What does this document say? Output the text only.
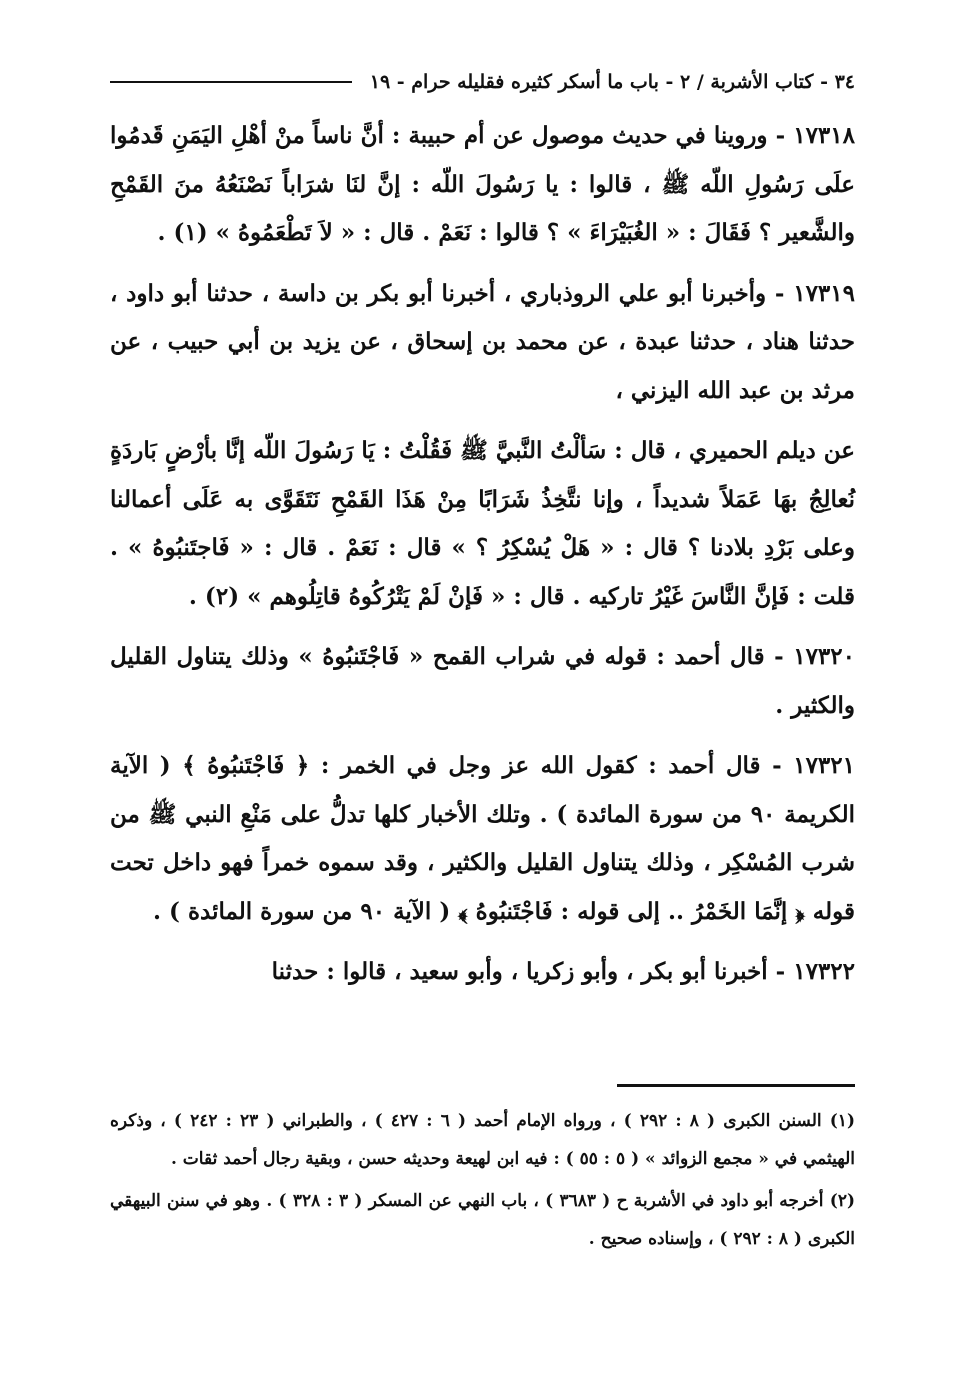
٣٤ - كتاب الأشربة / ٢ - باب ما أسكر كثيره فقليله حرام - ١٩

١٧٣١٨ - وروينا في حديث موصول عن أم حبيبة : أنَّ ناساً منْ أهْلِ اليَمَنِ قَدمُوا علَى رَسُولِ اللّه ﷺ ، قالوا : يا رَسُولَ اللّه : إنَّ لنَا شرَاباً نَصْنَعُهُ منَ القَمْحِ والشَّعير ؟ فَقَالَ : « الغُبَيْرَاءَ » ؟ قالوا : نَعَمْ . قال : « لاَ تَطْعَمُوهُ » (١) .

١٧٣١٩ - وأخبرنا أبو علي الروذباري ، أخبرنا أبو بكر بن داسة ، حدثنا أبو داود ، حدثنا هناد ، حدثنا عبدة ، عن محمد بن إسحاق ، عن يزيد بن أبي حبيب ، عن مرثد بن عبد الله اليزني ،

عن ديلم الحميري ، قال : سَألْتُ النَّبيَّ ﷺ فَقُلْتُ : يَا رَسُولَ اللّه إنَّا بأرْضٍ بَاردَةٍ نُعالِجُ بهَا عَمَلاً شديداً ، وإنا نتَّخِذُ شَرَابًا مِنْ هَذَا القَمْحِ نَتَقَوَّى به عَلَى أعمالنا وعلى بَرْدِ بلادنا ؟ قال : « هَلْ يُسْكِرُ ؟ » قال : نَعَمْ . قال : « فَاجتَنبُوهُ » . قلت : فَإنَّ النَّاسَ غَيْرُ تاركيه . قال : « فَإنْ لَمْ يَتْرُكُوهُ قاتِلُوهم » (٢) .

١٧٣٢٠ - قال أحمد : قوله في شراب القمح « فَاجْتَنبُوهُ » وذلك يتناول القليل والكثير .

١٧٣٢١ - قال أحمد : كقول الله عز وجل في الخمر : ﴿ فَاجْتَنبُوهُ ﴾ ( الآية الكريمة ٩٠ من سورة المائدة ) . وتلك الأخبار كلها تدلُّ على مَنْعِ النبي ﷺ من شرب المُسْكِر ، وذلك يتناول القليل والكثير ، وقد سموه خمراً فهو داخل تحت قوله ﴿ إنَّمَا الخَمْرُ .. إلى قوله : فَاجْتَنبُوهُ ﴾ ( الآية ٩٠ من سورة المائدة ) .

١٧٣٢٢ - أخبرنا أبو بكر ، وأبو زكريا ، وأبو سعيد ، قالوا : حدثنا

(١) السنن الكبرى ( ٨ : ٢٩٢ ) ، ورواه الإمام أحمد ( ٦ : ٤٢٧ ) ، والطبراني ( ٢٣ : ٢٤٢ ) ، وذكره الهيثمي في « مجمع الزوائد » ( ٥ : ٥٥ ) : فيه ابن لهيعة وحديثه حسن ، وبقية رجال أحمد ثقات .

(٢) أخرجه أبو داود في الأشربة ح ( ٣٦٨٣ ) ، باب النهي عن المسكر ( ٣ : ٣٢٨ ) . وهو في سنن البيهقي الكبرى ( ٨ : ٢٩٢ ) ، وإسناده صحيح .
